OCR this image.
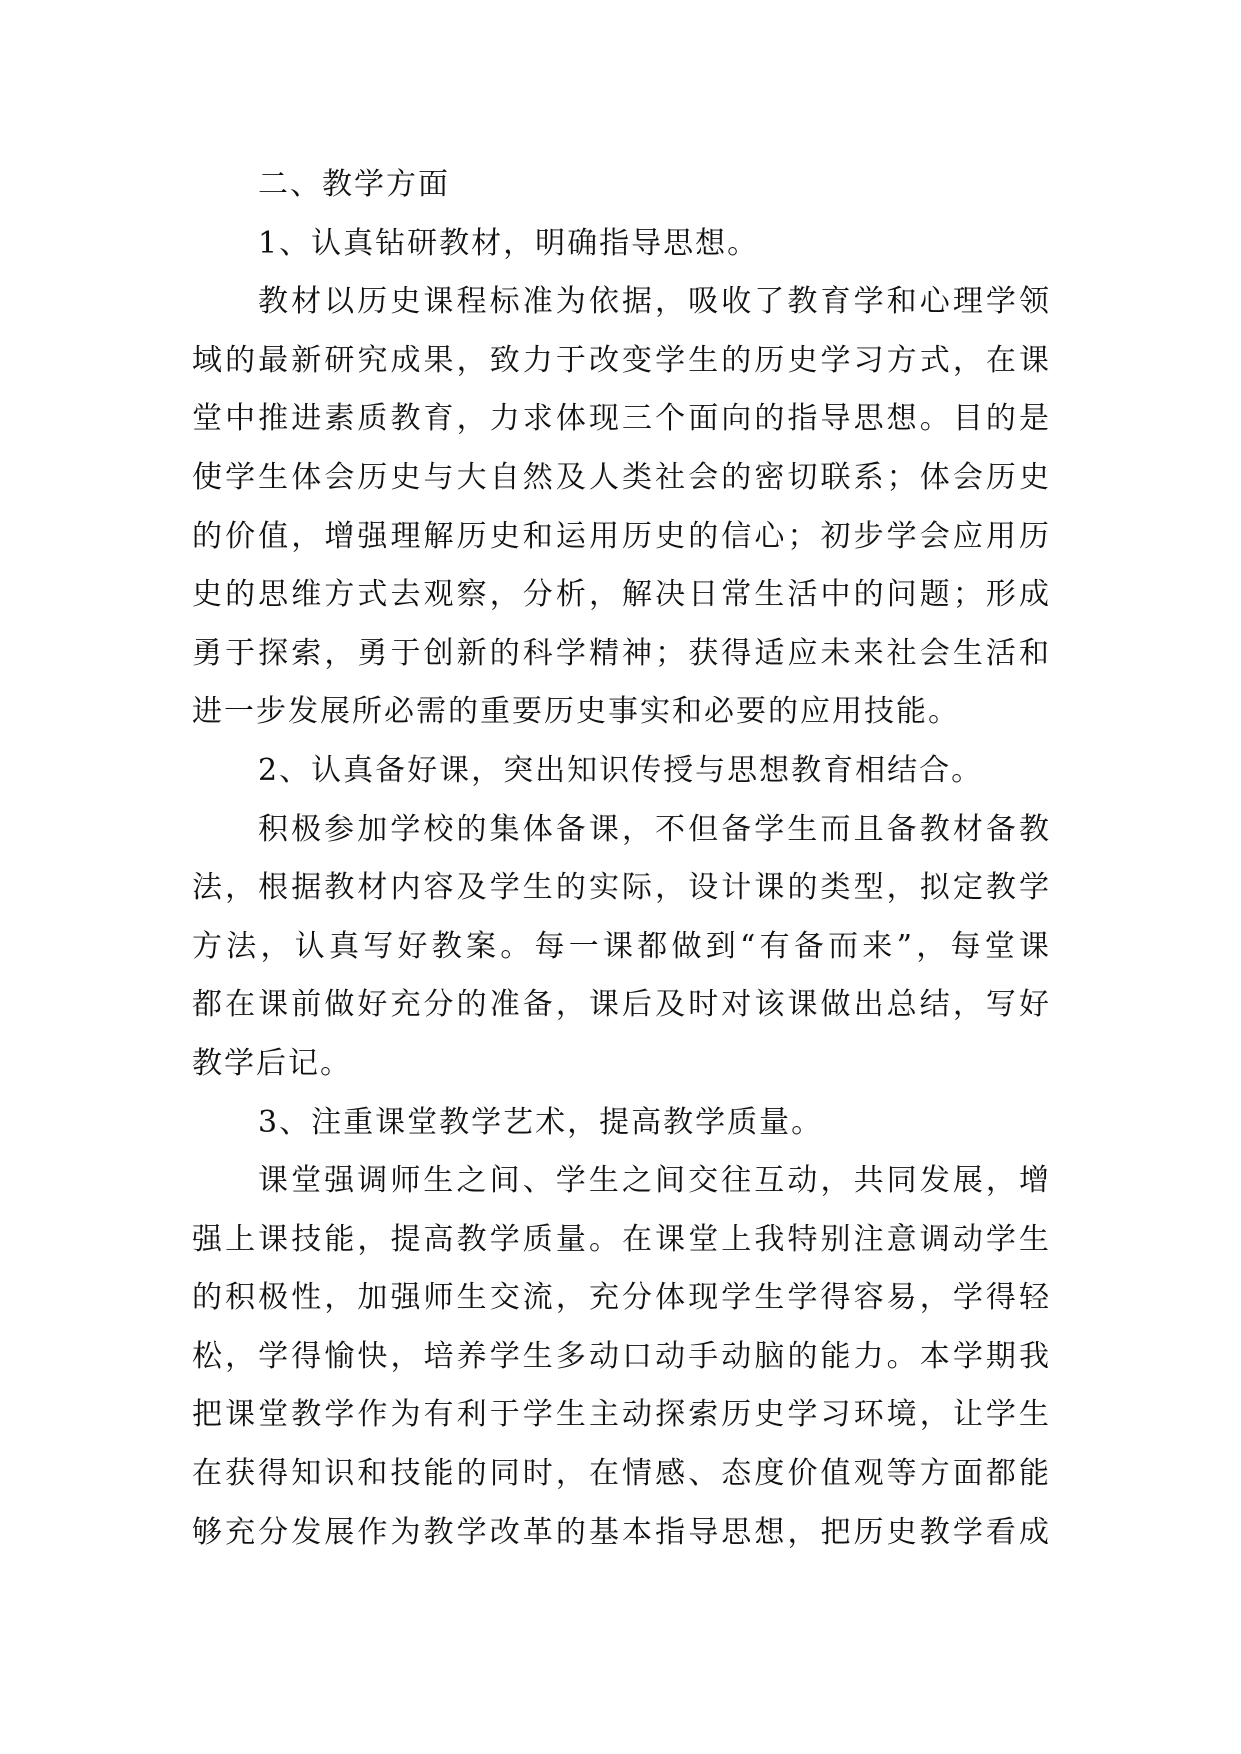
二、教学方面
1、认真钻研教材，明确指导思想。
教材以历史课程标准为依据，吸收了教育学和心理学领
域的最新研究成果，致力于改变学生的历史学习方式，在课
堂中推进素质教育，力求体现三个面向的指导思想。目的是
使学生体会历史与大自然及人类社会的密切联系；体会历史
的价值，增强理解历史和运用历史的信心；初步学会应用历
史的思维方式去观察，分析，解决日常生活中的问题；形成
勇于探索，勇于创新的科学精神；获得适应未来社会生活和
进一步发展所必需的重要历史事实和必要的应用技能。
2、认真备好课，突出知识传授与思想教育相结合。
积极参加学校的集体备课，不但备学生而且备教材备教
法，根据教材内容及学生的实际，设计课的类型，拟定教学
方法，认真写好教案。每一课都做到“有备而来”，每堂课
都在课前做好充分的准备，课后及时对该课做出总结，写好
教学后记。
3、注重课堂教学艺术，提高教学质量。
课堂强调师生之间、学生之间交往互动，共同发展，增
强上课技能，提高教学质量。在课堂上我特别注意调动学生
的积极性，加强师生交流，充分体现学生学得容易，学得轻
松，学得愉快，培养学生多动口动手动脑的能力。本学期我
把课堂教学作为有利于学生主动探索历史学习环境，让学生
在获得知识和技能的同时，在情感、态度价值观等方面都能
够充分发展作为教学改革的基本指导思想，把历史教学看成
